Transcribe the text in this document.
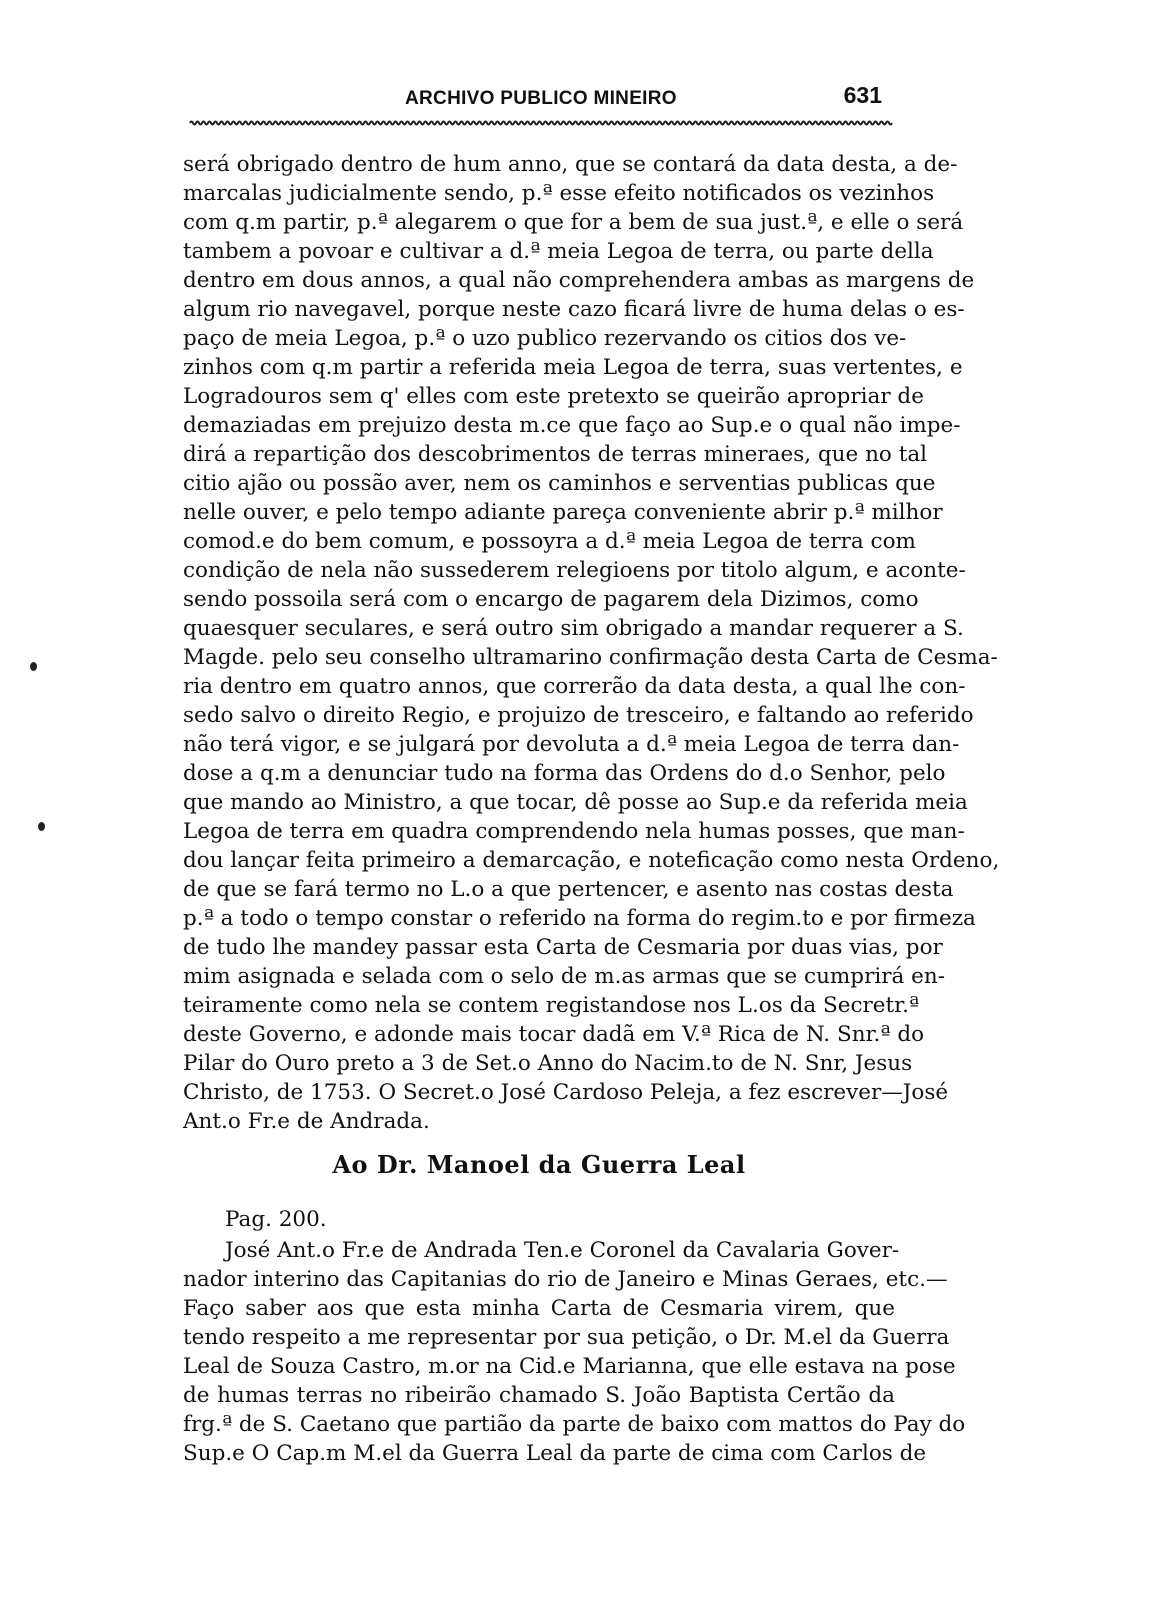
ARCHIVO PUBLICO MINEIRO	631
será obrigado dentro de hum anno, que se contará da data desta, a de-
marcalas judicialmente sendo, p.ª esse efeito notificados os vezinhos
com q.m partir, p.ª alegarem o que for a bem de sua just.ª, e elle o será
tambem a povoar e cultivar a d.ª meia Legoa de terra, ou parte della
dentro em dous annos, a qual não comprehendera ambas as margens de
algum rio navegavel, porque neste cazo ficará livre de huma delas o es-
paço de meia Legoa, p.ª o uzo publico rezervando os citios dos ve-
zinhos com q.m partir a referida meia Legoa de terra, suas vertentes, e
Logradouros sem q' elles com este pretexto se queirão apropriar de
demaziadas em prejuizo desta m.ce que faço ao Sup.e o qual não impe-
dirá a repartição dos descobrimentos de terras mineraes, que no tal
citio ajão ou possão aver, nem os caminhos e serventias publicas que
nelle ouver, e pelo tempo adiante pareça conveniente abrir p.ª milhor
comod.e do bem comum, e possoyra a d.ª meia Legoa de terra com
condição de nela não sussederem relegioens por titolo algum, e aconte-
sendo possoila será com o encargo de pagarem dela Dizimos, como
quaesquer seculares, e será outro sim obrigado a mandar requerer a S.
Magde. pelo seu conselho ultramarino confirmação desta Carta de Cesma-
ria dentro em quatro annos, que correrão da data desta, a qual lhe con-
sedo salvo o direito Regio, e projuizo de tresceiro, e faltando ao referido
não terá vigor, e se julgará por devoluta a d.ª meia Legoa de terra dan-
dose a q.m a denunciar tudo na forma das Ordens do d.o Senhor, pelo
que mando ao Ministro, a que tocar, dê posse ao Sup.e da referida meia
Legoa de terra em quadra comprendendo nela humas posses, que man-
dou lançar feita primeiro a demarcação, e noteficação como nesta Ordeno,
de que se fará termo no L.o a que pertencer, e asento nas costas desta
p.ª a todo o tempo constar o referido na forma do regim.to e por firmeza
de tudo lhe mandey passar esta Carta de Cesmaria por duas vias, por
mim asignada e selada com o selo de m.as armas que se cumprirá en-
teiramente como nela se contem registandose nos L.os da Secretr.ª
deste Governo, e adonde mais tocar dadã em V.ª Rica de N. Snr.ª do
Pilar do Ouro preto a 3 de Set.o Anno do Nacim.to de N. Snr, Jesus
Christo, de 1753. O Secret.o José Cardoso Peleja, a fez escrever—José
Ant.o Fr.e de Andrada.
Ao Dr. Manoel da Guerra Leal
Pag. 200.
José Ant.o Fr.e de Andrada Ten.e Coronel da Cavalaria Gover-
nador interino das Capitanias do rio de Janeiro e Minas Geraes, etc.—
Faço saber aos que esta minha Carta de Cesmaria virem, que
tendo respeito a me representar por sua petição, o Dr. M.el da Guerra
Leal de Souza Castro, m.or na Cid.e Marianna, que elle estava na pose
de humas terras no ribeirão chamado S. João Baptista Certão da
frg.ª de S. Caetano que partião da parte de baixo com mattos do Pay do
Sup.e O Cap.m M.el da Guerra Leal da parte de cima com Carlos de
